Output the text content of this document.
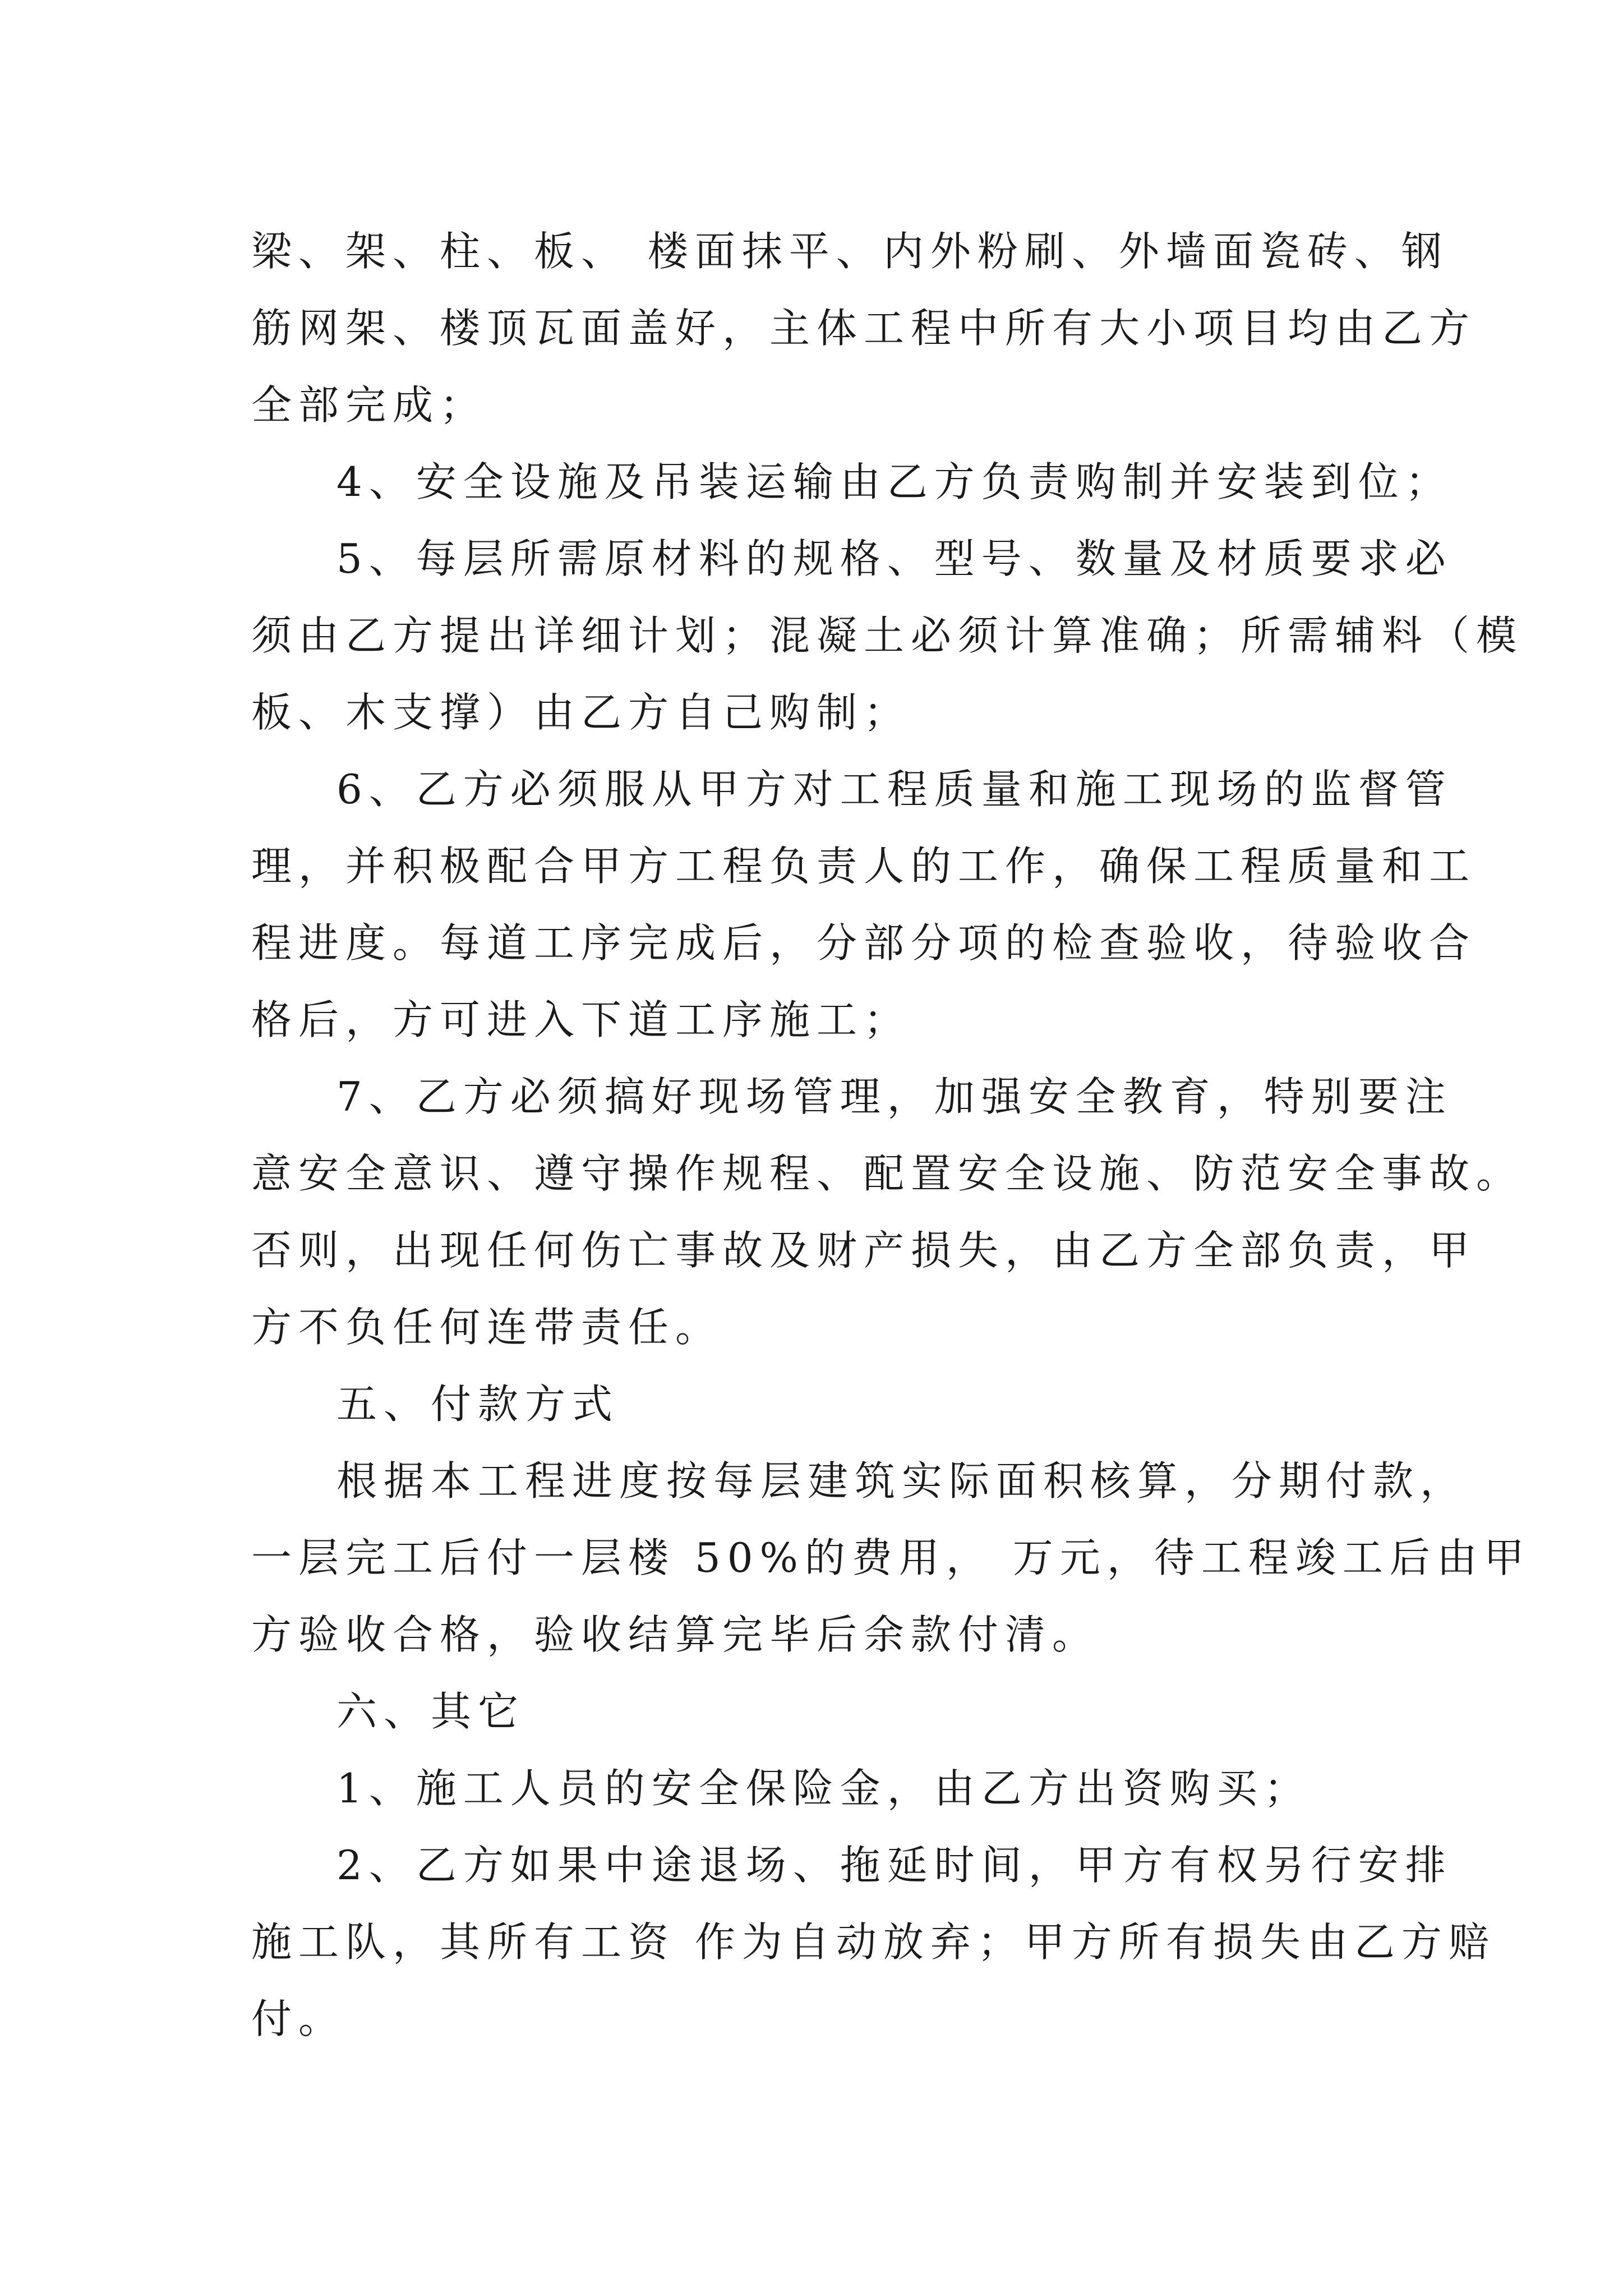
梁、架、柱、板、 楼面抹平、内外粉刷、外墙面瓷砖、钢
筋网架、楼顶瓦面盖好，主体工程中所有大小项目均由乙方
全部完成；
4、安全设施及吊装运输由乙方负责购制并安装到位；
5、每层所需原材料的规格、型号、数量及材质要求必
须由乙方提出详细计划；混凝土必须计算准确；所需辅料（模
板、木支撑）由乙方自己购制；
6、乙方必须服从甲方对工程质量和施工现场的监督管
理，并积极配合甲方工程负责人的工作，确保工程质量和工
程进度。每道工序完成后，分部分项的检查验收，待验收合
格后，方可进入下道工序施工；
7、乙方必须搞好现场管理，加强安全教育，特别要注
意安全意识、遵守操作规程、配置安全设施、防范安全事故。
否则，出现任何伤亡事故及财产损失，由乙方全部负责，甲
方不负任何连带责任。
五、付款方式
根据本工程进度按每层建筑实际面积核算，分期付款，
一层完工后付一层楼 50%的费用， 万元，待工程竣工后由甲
方验收合格，验收结算完毕后余款付清。
六、其它
1、施工人员的安全保险金，由乙方出资购买；
2、乙方如果中途退场、拖延时间，甲方有权另行安排
施工队，其所有工资 作为自动放弃；甲方所有损失由乙方赔
付。
